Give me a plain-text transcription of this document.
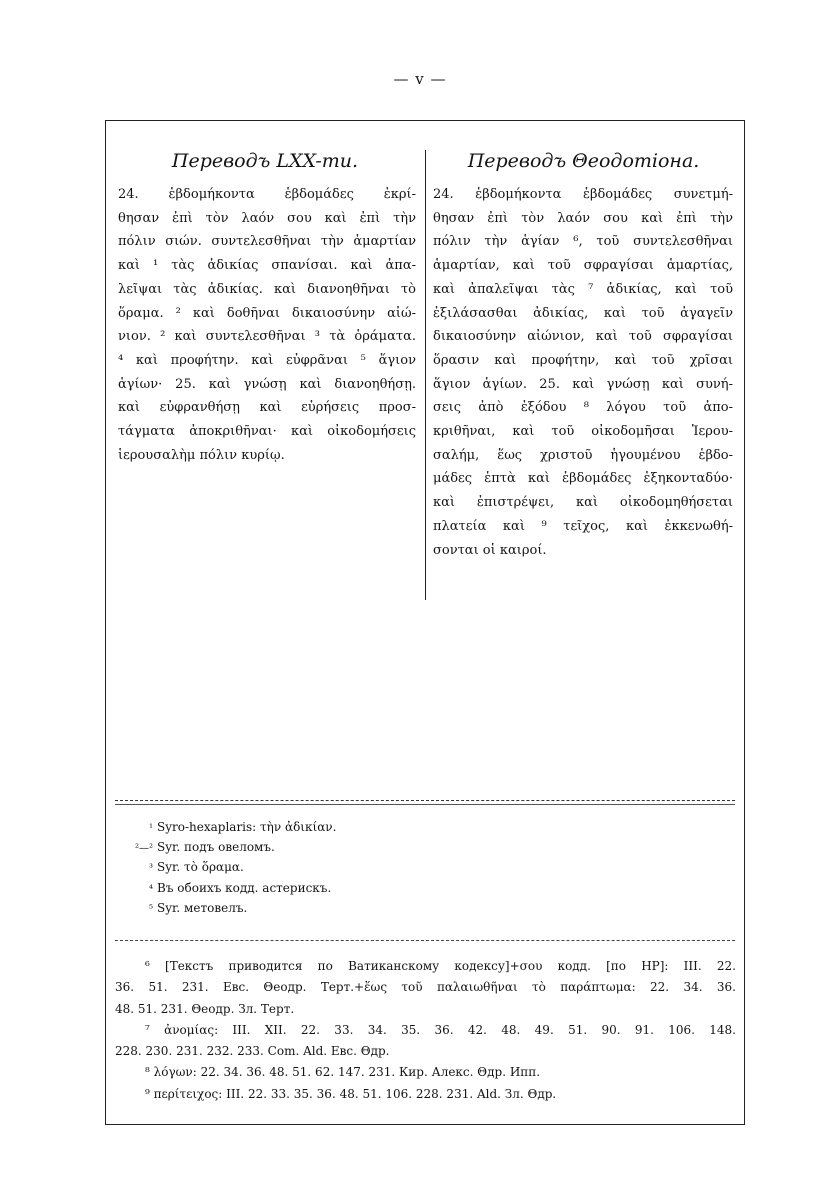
— v —
Переводъ LXX-ти.	Переводъ Θеодотіона.
24. ἑβδομήκοντα ἑβδομάδες ἐκρί-
θησαν ἐπὶ τὸν λαόν σου καὶ ἐπὶ τὴν
πόλιν σιών. συντελεσθῆναι τὴν ἁμαρτίαν
καὶ ¹ τὰς ἀδικίας σπανίσαι. καὶ ἀπα-
λεῖψαι τὰς ἀδικίας. καὶ διανοηθῆναι τὸ
ὅραμα. ² καὶ δοθῆναι δικαιοσύνην αἰώ-
νιον. ² καὶ συντελεσθῆναι ³ τὰ ὁράματα.
⁴ καὶ προφήτην. καὶ εὐφρᾶναι ⁵ ἅγιον
ἁγίων· 25. καὶ γνώσῃ καὶ διανοηθήσῃ.
καὶ εὐφρανθήσῃ καὶ εὑρήσεις προσ-
τάγματα ἀποκριθῆναι· καὶ οἰκοδομήσεις
ἱερουσαλὴμ πόλιν κυρίῳ.
24. ἑβδομήκοντα ἑβδομάδες συνετμή-
θησαν ἐπὶ τὸν λαόν σου καὶ ἐπὶ τὴν
πόλιν τὴν ἁγίαν ⁶, τοῦ συντελεσθῆναι
ἁμαρτίαν, καὶ τοῦ σφραγίσαι ἁμαρτίας,
καὶ ἀπαλεῖψαι τὰς ⁷ ἀδικίας, καὶ τοῦ
ἐξιλάσασθαι ἀδικίας, καὶ τοῦ ἀγαγεῖν
δικαιοσύνην αἰώνιον, καὶ τοῦ σφραγίσαι
ὅρασιν καὶ προφήτην, καὶ τοῦ χρῖσαι
ἅγιον ἁγίων. 25. καὶ γνώσῃ καὶ συνή-
σεις ἀπὸ ἐξόδου ⁸ λόγου τοῦ ἀπο-
κριθῆναι, καὶ τοῦ οἰκοδομῆσαι Ἱερου-
σαλήμ, ἕως χριστοῦ ἡγουμένου ἑβδο-
μάδες ἑπτὰ καὶ ἑβδομάδες ἑξηκονταδύο·
καὶ ἐπιστρέψει, καὶ οἰκοδομηθήσεται
πλατεία καὶ ⁹ τεῖχος, καὶ ἐκκενωθή-
σονται οἱ καιροί.
¹ Syro-hexaplaris: τὴν ἀδικίαν.
²—² Syr. подъ овеломъ.
³ Syr. τὸ ὅραμα.
⁴ Въ обоихъ кодд. астерискъ.
⁵ Syr. метовелъ.
⁶ [Текстъ приводится по Ватиканскому кодексу]+σου кодд. [по HP]: III. 22.
36. 51. 231. Евс. Θеодр. Терт.+ἕως τοῦ παλαιωθῆναι τὸ παράπτωμα: 22. 34. 36.
48. 51. 231. Θеодр. Зл. Терт.
⁷ ἀνομίας: III. XII. 22. 33. 34. 35. 36. 42. 48. 49. 51. 90. 91. 106. 148.
228. 230. 231. 232. 233. Com. Ald. Евс. Θдр.
⁸ λόγων: 22. 34. 36. 48. 51. 62. 147. 231. Кир. Алекс. Θдр. Ипп.
⁹ περίτειχος: III. 22. 33. 35. 36. 48. 51. 106. 228. 231. Ald. Зл. Θдр.
